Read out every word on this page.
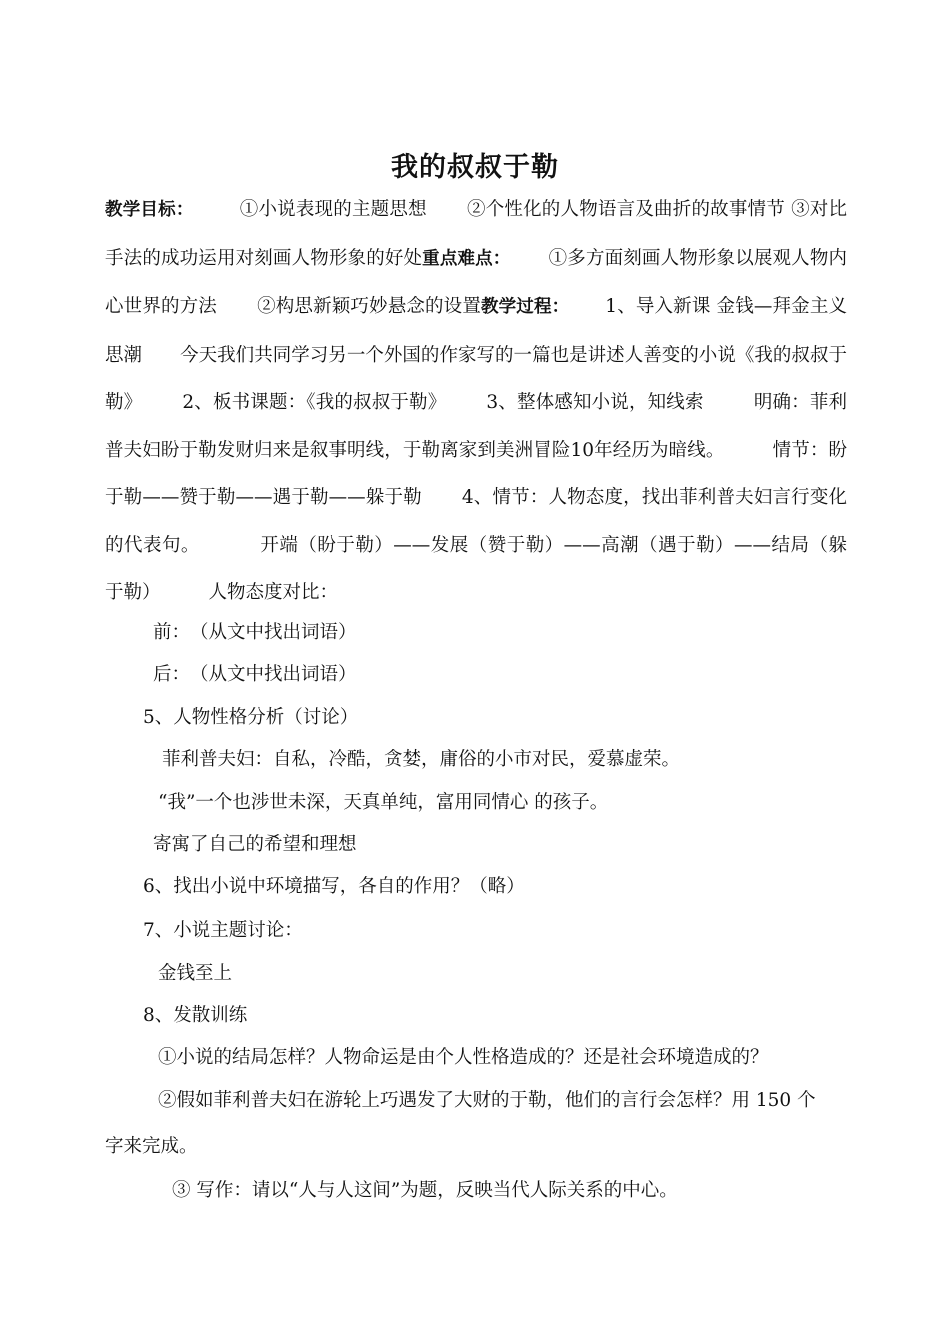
我的叔叔于勒
教学目标： ①小说表现的主题思想 ②个性化的人物语言及曲折的故事情节 ③对比手法的成功运用对刻画人物形象的好处重点难点： ①多方面刻画人物形象以展观人物内心世界的方法 ②构思新颖巧妙悬念的设置教学过程： 1、导入新课 金钱—拜金主义思潮 今天我们共同学习另一个外国的作家写的一篇也是讲述人善变的小说《我的叔叔于勒》 2、板书课题：《我的叔叔于勒》 3、整体感知小说，知线索	明确：菲利普夫妇盼于勒发财归来是叙事明线，于勒离家到美洲冒险10年经历为暗线。	情节：盼于勒——赞于勒——遇于勒——躲于勒 4、情节：人物态度，找出菲利普夫妇言行变化的代表句。	开端（盼于勒）——发展（赞于勒）——高潮（遇于勒）——结局（躲于勒）	人物态度对比：
前：　（从文中找出词语）
后：　（从文中找出词语）
5、人物性格分析（讨论）
菲利普夫妇：自私，冷酷，贪婪，庸俗的小市对民，爱慕虚荣。
“我”一个也涉世未深，天真单纯，富用同情心 的孩子。
寄寓了自己的希望和理想
6、找出小说中环境描写，各自的作用？（略）
7、小说主题讨论：
金钱至上
8、发散训练
①小说的结局怎样？人物命运是由个人性格造成的？还是社会环境造成的？
②假如菲利普夫妇在游轮上巧遇发了大财的于勒，他们的言行会怎样？用 150 个
字来完成。
③ 写作：请以“人与人这间”为题，反映当代人际关系的中心。
